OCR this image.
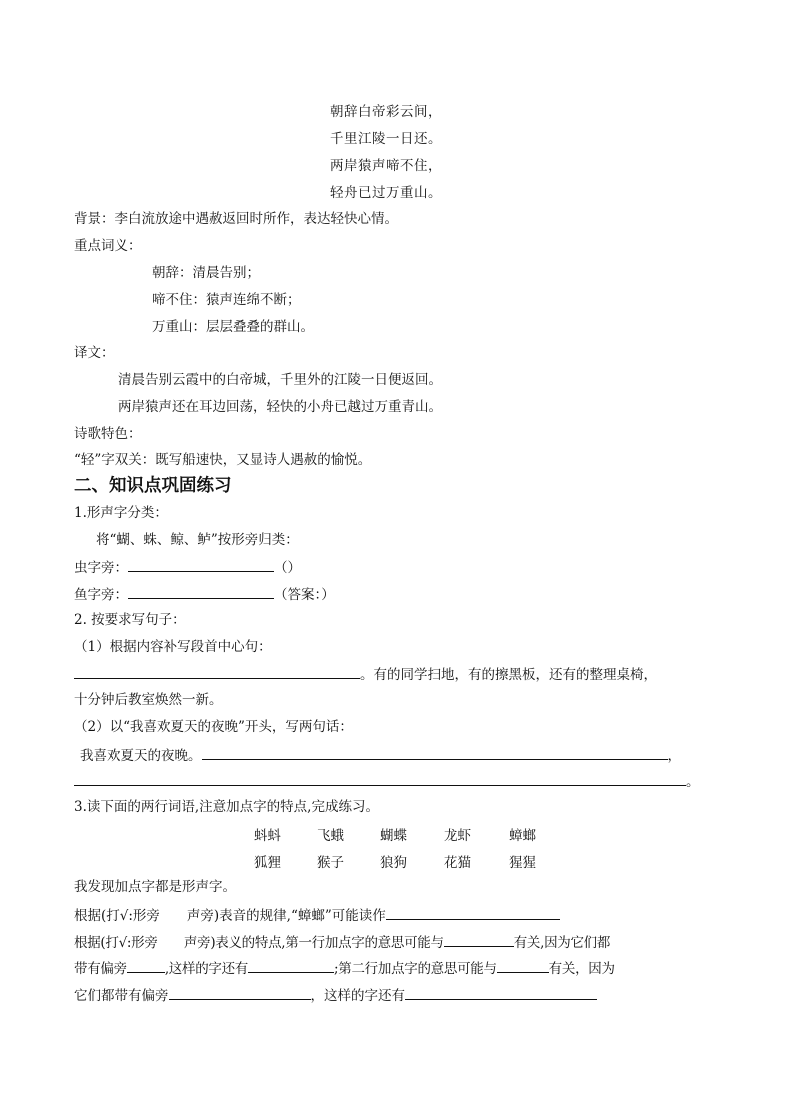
朝辞白帝彩云间，
千里江陵一日还。
两岸猿声啼不住，
轻舟已过万重山。
背景：李白流放途中遇赦返回时所作，表达轻快心情。
重点词义：
朝辞：清晨告别；
啼不住：猿声连绵不断；
万重山：层层叠叠的群山。
译文：
清晨告别云霞中的白帝城，千里外的江陵一日便返回。
两岸猿声还在耳边回荡，轻快的小舟已越过万重青山。
诗歌特色：
“轻”字双关：既写船速快，又显诗人遇赦的愉悦。
二、知识点巩固练习
1.形声字分类：
将“蝴、蛛、鲸、鲈”按形旁归类：
虫字旁：	（）
鱼字旁：	（答案：）
2. 按要求写句子：
（1）根据内容补写段首中心句：
。有的同学扫地，有的擦黑板，还有的整理桌椅，
十分钟后教室焕然一新。
（2）以“我喜欢夏天的夜晚”开头，写两句话：
我喜欢夏天的夜晚。	，
。
3.读下面的两行词语,注意加点字的特点,完成练习。
蚪蚪	飞蛾	蝴蝶	龙虾	蟑螂
狐狸	猴子	狼狗	花猫	猩猩
我发现加点字都是形声字。
根据(打√:形旁　　声旁)表音的规律,“蟑螂”可能读作
根据(打√:形旁　　声旁)表义的特点,第一行加点字的意思可能与	有关,因为它们都
带有偏旁	,这样的字还有	;第二行加点字的意思可能与	有关，因为
它们都带有偏旁	，这样的字还有
